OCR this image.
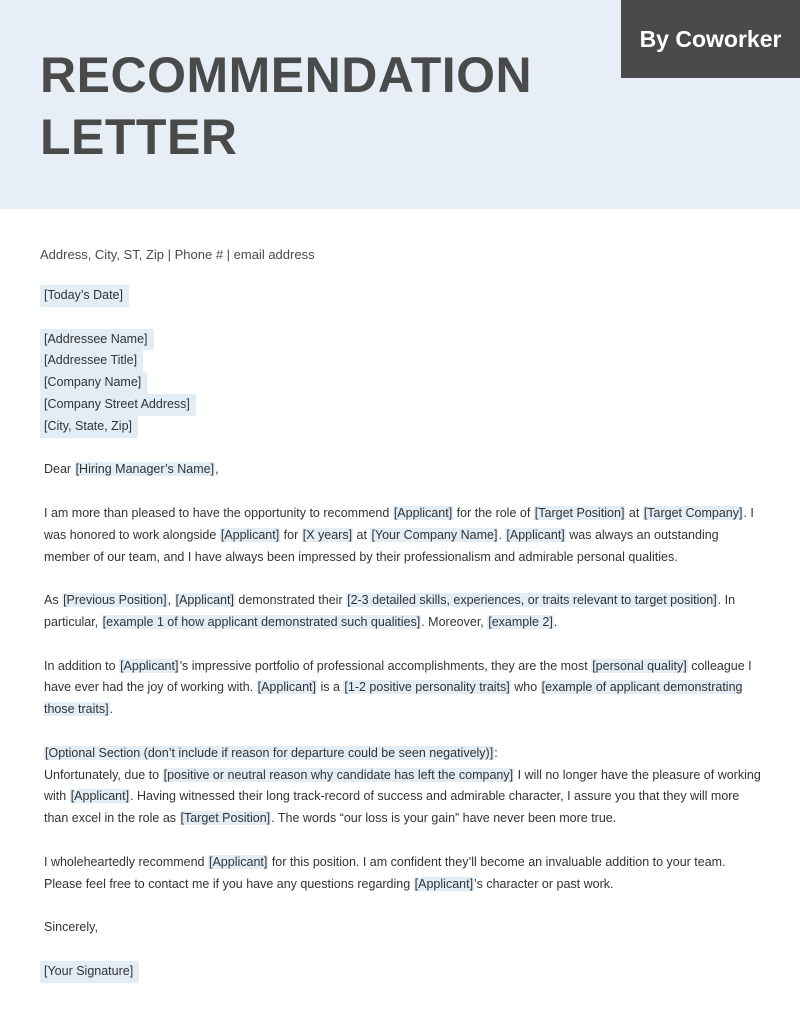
RECOMMENDATION
LETTER
By Coworker
Address, City, ST, Zip | Phone # | email address

[Today’s Date]

[Addressee Name]
[Addressee Title]
[Company Name]
[Company Street Address]
[City, State, Zip]

Dear [Hiring Manager’s Name],

I am more than pleased to have the opportunity to recommend [Applicant] for the role of [Target Position] at [Target Company]. I was honored to work alongside [Applicant] for [X years] at [Your Company Name]. [Applicant] was always an outstanding member of our team, and I have always been impressed by their professionalism and admirable personal qualities.

As [Previous Position], [Applicant] demonstrated their [2-3 detailed skills, experiences, or traits relevant to target position]. In particular, [example 1 of how applicant demonstrated such qualities]. Moreover, [example 2].

In addition to [Applicant]’s impressive portfolio of professional accomplishments, they are the most [personal quality] colleague I have ever had the joy of working with. [Applicant] is a [1-2 positive personality traits] who [example of applicant demonstrating those traits].

[Optional Section (don’t include if reason for departure could be seen negatively)]:
Unfortunately, due to [positive or neutral reason why candidate has left the company] I will no longer have the pleasure of working with [Applicant]. Having witnessed their long track-record of success and admirable character, I assure you that they will more than excel in the role as [Target Position]. The words “our loss is your gain” have never been more true.

I wholeheartedly recommend [Applicant] for this position. I am confident they’ll become an invaluable addition to your team. Please feel free to contact me if you have any questions regarding [Applicant]’s character or past work.

Sincerely,

[Your Signature]
